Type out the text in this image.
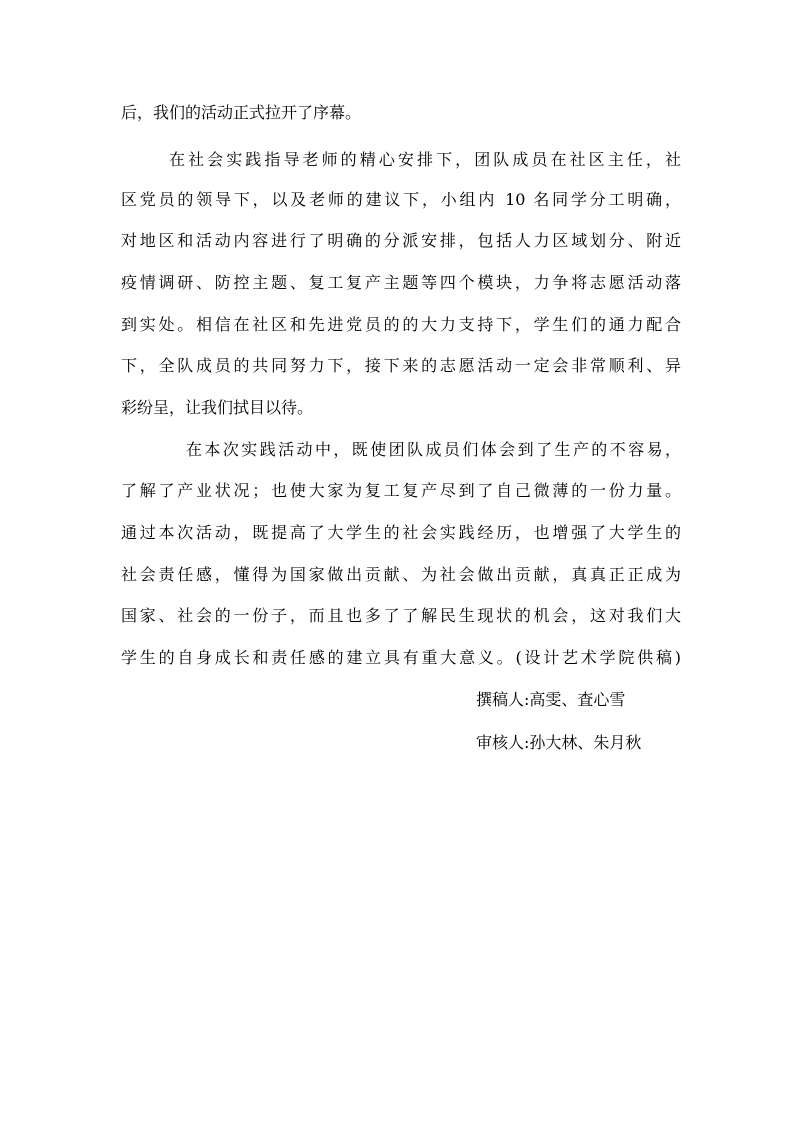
后，我们的活动正式拉开了序幕。
在社会实践指导老师的精心安排下，团队成员在社区主任，社
区党员的领导下，以及老师的建议下，小组内 10 名同学分工明确，
对地区和活动内容进行了明确的分派安排，包括人力区域划分、附近
疫情调研、防控主题、复工复产主题等四个模块，力争将志愿活动落
到实处。相信在社区和先进党员的的大力支持下，学生们的通力配合
下，全队成员的共同努力下，接下来的志愿活动一定会非常顺利、异
彩纷呈，让我们拭目以待。
在本次实践活动中，既使团队成员们体会到了生产的不容易，
了解了产业状况；也使大家为复工复产尽到了自己微薄的一份力量。
通过本次活动，既提高了大学生的社会实践经历，也增强了大学生的
社会责任感，懂得为国家做出贡献、为社会做出贡献，真真正正成为
国家、社会的一份子，而且也多了了解民生现状的机会，这对我们大
学生的自身成长和责任感的建立具有重大意义。(设计艺术学院供稿)
撰稿人:高雯、査心雪
审核人:孙大林、朱月秋
